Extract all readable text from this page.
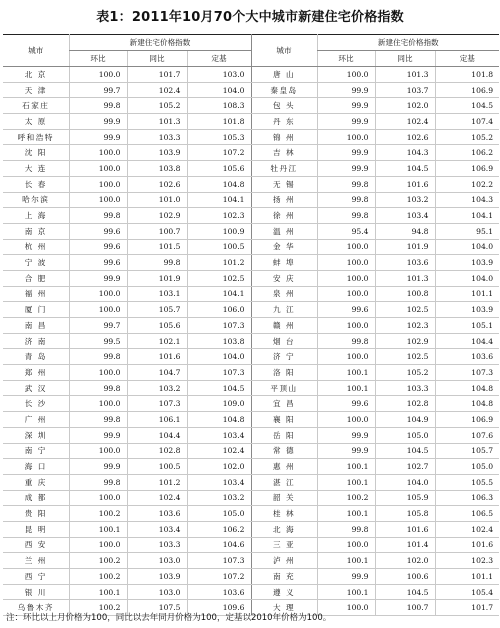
表1：2011年10月70个大中城市新建住宅价格指数
城市	新建住宅价格指数			城市	新建住宅价格指数		
	环比	同比	定基		环比	同比	定基
北 京	100.0	101.7	103.0	唐 山	100.0	101.3	101.8
天 津	99.7	102.4	104.0	秦皇岛	99.9	103.7	106.9
石家庄	99.8	105.2	108.3	包 头	99.9	102.0	104.5
太 原	99.9	101.3	101.8	丹 东	99.9	102.4	107.4
呼和浩特	99.9	103.3	105.3	锦 州	100.0	102.6	105.2
沈 阳	100.0	103.9	107.2	吉 林	99.9	104.3	106.2
大 连	100.0	103.8	105.6	牡丹江	99.9	104.5	106.9
长 春	100.0	102.6	104.8	无 锡	99.8	101.6	102.2
哈尔滨	100.0	101.0	104.1	扬 州	99.8	103.2	104.3
上 海	99.8	102.9	102.3	徐 州	99.8	103.4	104.1
南 京	99.6	100.7	100.9	温 州	95.4	94.8	95.1
杭 州	99.6	101.5	100.5	金 华	100.0	101.9	104.0
宁 波	99.6	99.8	101.2	蚌 埠	100.0	103.6	103.9
合 肥	99.9	101.9	102.5	安 庆	100.0	101.3	104.0
福 州	100.0	103.1	104.1	泉 州	100.0	100.8	101.1
厦 门	100.0	105.7	106.0	九 江	99.6	102.5	103.9
南 昌	99.7	105.6	107.3	赣 州	100.0	102.3	105.1
济 南	99.5	102.1	103.8	烟 台	99.8	102.9	104.4
青 岛	99.8	101.6	104.0	济 宁	100.0	102.5	103.6
郑 州	100.0	104.7	107.3	洛 阳	100.1	105.2	107.3
武 汉	99.8	103.2	104.5	平顶山	100.1	103.3	104.8
长 沙	100.0	107.3	109.0	宜 昌	99.6	102.8	104.8
广 州	99.8	106.1	104.8	襄 阳	100.0	104.9	106.9
深 圳	99.9	104.4	103.4	岳 阳	99.9	105.0	107.6
南 宁	100.0	102.8	102.4	常 德	99.9	104.5	105.7
海 口	99.9	100.5	102.0	惠 州	100.1	102.7	105.0
重 庆	99.8	101.2	103.4	湛 江	100.1	104.0	105.5
成 都	100.0	102.4	103.2	韶 关	100.2	105.9	106.3
贵 阳	100.2	103.6	105.0	桂 林	100.1	105.8	106.5
昆 明	100.1	103.4	106.2	北 海	99.8	101.6	102.4
西 安	100.0	103.3	104.6	三 亚	100.0	101.4	101.6
兰 州	100.2	103.0	107.3	泸 州	100.1	102.0	102.3
西 宁	100.2	103.9	107.2	南 充	99.9	100.6	101.1
银 川	100.1	103.0	103.6	遵 义	100.1	104.5	105.4
乌鲁木齐	100.2	107.5	109.6	大 理	100.0	100.7	101.7
注：环比以上月价格为100，同比以去年同月价格为100，定基以2010年价格为100。
